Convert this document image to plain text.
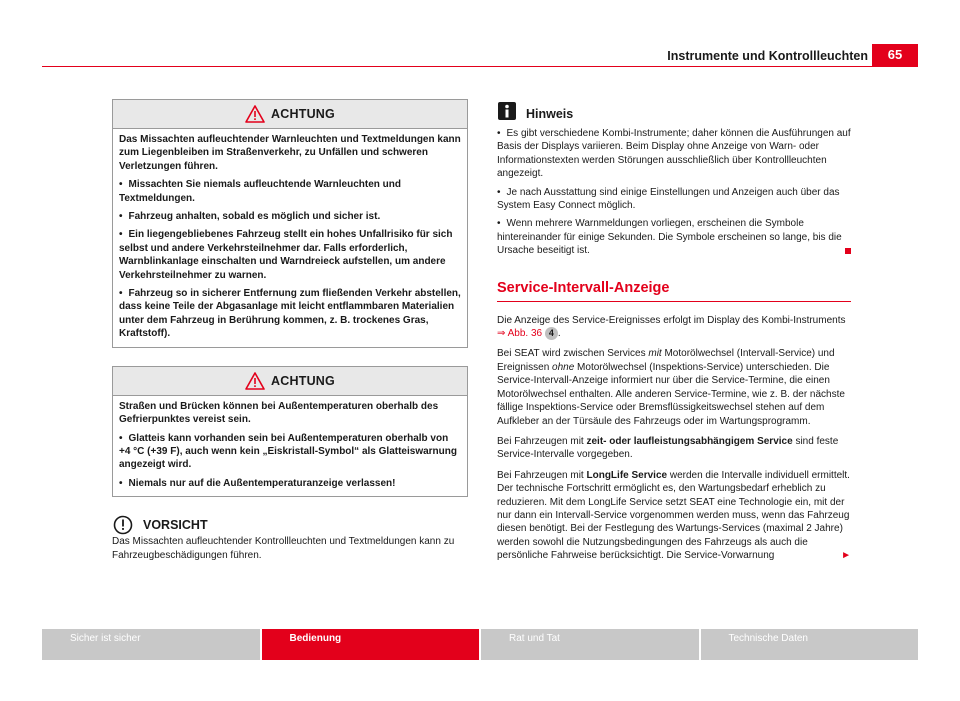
Instrumente und Kontrollleuchten	65
ACHTUNG

Das Missachten aufleuchtender Warnleuchten und Textmeldungen kann zum Liegenbleiben im Straßenverkehr, zu Unfällen und schweren Verletzungen führen.

• Missachten Sie niemals aufleuchtende Warnleuchten und Textmeldungen.

• Fahrzeug anhalten, sobald es möglich und sicher ist.

• Ein liegengebliebenes Fahrzeug stellt ein hohes Unfallrisiko für sich selbst und andere Verkehrsteilnehmer dar. Falls erforderlich, Warnblinkanlage einschalten und Warndreieck aufstellen, um andere Verkehrsteilnehmer zu warnen.

• Fahrzeug so in sicherer Entfernung zum fließenden Verkehr abstellen, dass keine Teile der Abgasanlage mit leicht entflammbaren Materialien unter dem Fahrzeug in Berührung kommen, z. B. trockenes Gras, Kraftstoff).

ACHTUNG

Straßen und Brücken können bei Außentemperaturen oberhalb des Gefrierpunktes vereist sein.

• Glatteis kann vorhanden sein bei Außentemperaturen oberhalb von +4 °C (+39 F), auch wenn kein „Eiskristall-Symbol“ als Glatteiswarnung angezeigt wird.

• Niemals nur auf die Außentemperaturanzeige verlassen!

VORSICHT

Das Missachten aufleuchtender Kontrollleuchten und Textmeldungen kann zu Fahrzeugbeschädigungen führen.

Hinweis

• Es gibt verschiedene Kombi-Instrumente; daher können die Ausführungen auf Basis der Displays variieren. Beim Display ohne Anzeige von Warn- oder Informationstexten werden Störungen ausschließlich über Kontrollleuchten angezeigt.

• Je nach Ausstattung sind einige Einstellungen und Anzeigen auch über das System Easy Connect möglich.

• Wenn mehrere Warnmeldungen vorliegen, erscheinen die Symbole hintereinander für einige Sekunden. Die Symbole erscheinen so lange, bis die Ursache beseitigt ist.

Service-Intervall-Anzeige

Die Anzeige des Service-Ereignisses erfolgt im Display des Kombi-Instruments ⇒ Abb. 36 4 .

Bei SEAT wird zwischen Services mit Motorölwechsel (Intervall-Service) und Ereignissen ohne Motorölwechsel (Inspektions-Service) unterschieden. Die Service-Intervall-Anzeige informiert nur über die Service-Termine, die einen Motorölwechsel enthalten. Alle anderen Service-Termine, wie z. B. der nächste fällige Inspektions-Service oder Bremsflüssigkeitswechsel stehen auf dem Aufkleber an der Türsäule des Fahrzeugs oder im Wartungsprogramm.

Bei Fahrzeugen mit zeit- oder laufleistungsabhängigem Service sind feste Service-Intervalle vorgegeben.

Bei Fahrzeugen mit LongLife Service werden die Intervalle individuell ermittelt. Der technische Fortschritt ermöglicht es, den Wartungsbedarf erheblich zu reduzieren. Mit dem LongLife Service setzt SEAT eine Technologie ein, mit der nur dann ein Intervall-Service vorgenommen werden muss, wenn das Fahrzeug diesen benötigt. Bei der Festlegung des Wartungs-Services (maximal 2 Jahre) werden sowohl die Nutzungsbedingungen des Fahrzeugs als auch die persönliche Fahrweise berücksichtigt. Die Service-Vorwarnung	►

Sicher ist sicher	Bedienung	Rat und Tat	Technische Daten
